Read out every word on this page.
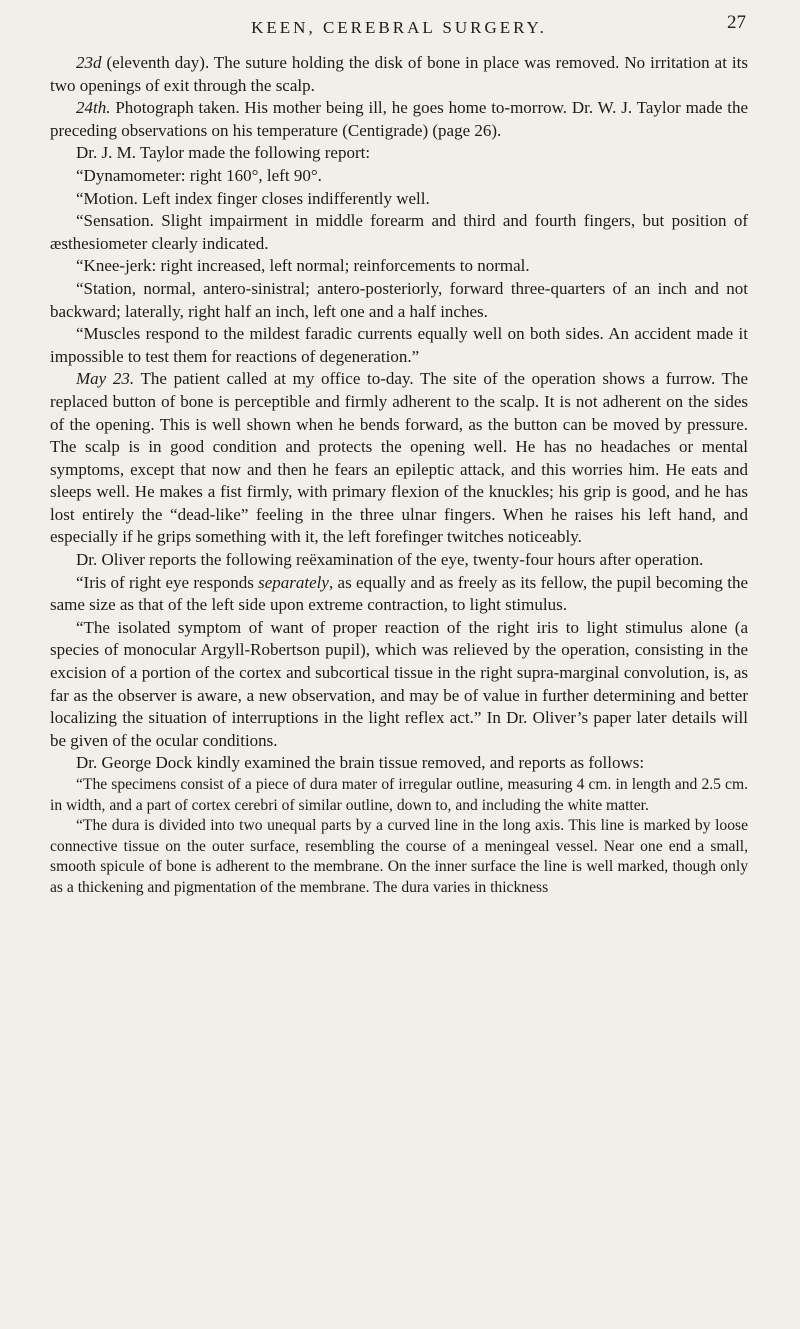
KEEN, CEREBRAL SURGERY.	27

23d (eleventh day). The suture holding the disk of bone in place was removed. No irritation at its two openings of exit through the scalp.

24th. Photograph taken. His mother being ill, he goes home to-morrow. Dr. W. J. Taylor made the preceding observations on his temperature (Centigrade) (page 26).

Dr. J. M. Taylor made the following report:

“Dynamometer: right 160°, left 90°.

“Motion. Left index finger closes indifferently well.

“Sensation. Slight impairment in middle forearm and third and fourth fingers, but position of æsthesiometer clearly indicated.

“Knee-jerk: right increased, left normal; reinforcements to normal.

“Station, normal, antero-sinistral; antero-posteriorly, forward three-quarters of an inch and not backward; laterally, right half an inch, left one and a half inches.

“Muscles respond to the mildest faradic currents equally well on both sides. An accident made it impossible to test them for reactions of degeneration.”

May 23. The patient called at my office to-day. The site of the operation shows a furrow. The replaced button of bone is perceptible and firmly adherent to the scalp. It is not adherent on the sides of the opening. This is well shown when he bends forward, as the button can be moved by pressure. The scalp is in good condition and protects the opening well. He has no headaches or mental symptoms, except that now and then he fears an epileptic attack, and this worries him. He eats and sleeps well. He makes a fist firmly, with primary flexion of the knuckles; his grip is good, and he has lost entirely the “dead-like” feeling in the three ulnar fingers. When he raises his left hand, and especially if he grips something with it, the left forefinger twitches noticeably.

Dr. Oliver reports the following reëxamination of the eye, twenty-four hours after operation.

“Iris of right eye responds separately, as equally and as freely as its fellow, the pupil becoming the same size as that of the left side upon extreme contraction, to light stimulus.

“The isolated symptom of want of proper reaction of the right iris to light stimulus alone (a species of monocular Argyll-Robertson pupil), which was relieved by the operation, consisting in the excision of a portion of the cortex and subcortical tissue in the right supra-marginal convolution, is, as far as the observer is aware, a new observation, and may be of value in further determining and better localizing the situation of interruptions in the light reflex act.” In Dr. Oliver’s paper later details will be given of the ocular conditions.

Dr. George Dock kindly examined the brain tissue removed, and reports as follows:

“The specimens consist of a piece of dura mater of irregular outline, measuring 4 cm. in length and 2.5 cm. in width, and a part of cortex cerebri of similar outline, down to, and including the white matter.

“The dura is divided into two unequal parts by a curved line in the long axis. This line is marked by loose connective tissue on the outer surface, resembling the course of a meningeal vessel. Near one end a small, smooth spicule of bone is adherent to the membrane. On the inner surface the line is well marked, though only as a thickening and pigmentation of the membrane. The dura varies in thickness
